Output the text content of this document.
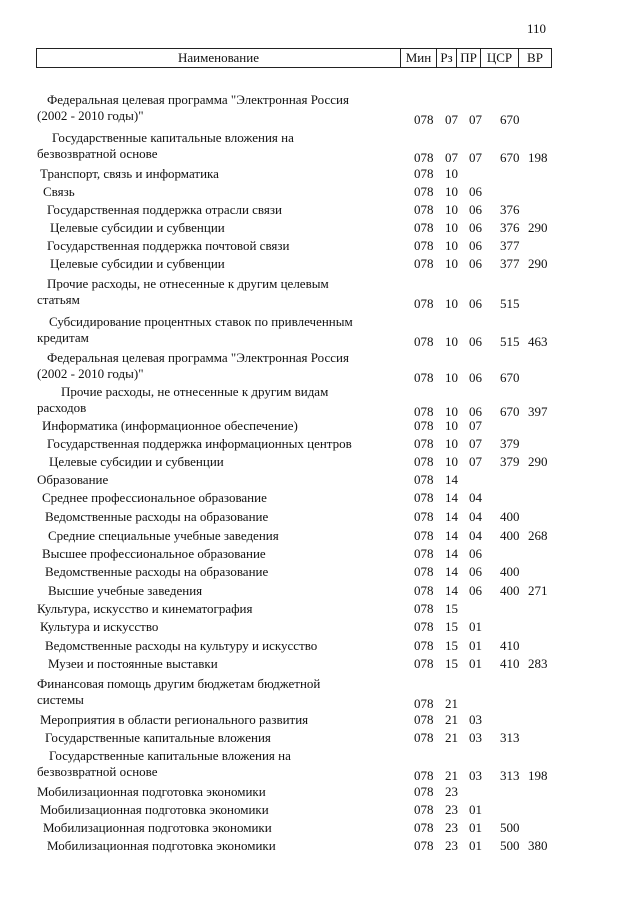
110
Наименование	Мин Рз ПР ЦСР	ВР
Федеральная целевая программа "Электронная Россия
(2002 - 2010 годы)"	078 07 07 670
Государственные капитальные вложения на
безвозвратной основе	078 07 07 670 198
Транспорт, связь и информатика	078 10
Связь	078 10 06
Государственная поддержка отрасли связи	078 10 06 376
Целевые субсидии и субвенции	078 10 06 376 290
Государственная поддержка почтовой связи	078 10 06 377
Целевые субсидии и субвенции	078 10 06 377 290
Прочие расходы, не отнесенные к другим целевым
статьям	078 10 06 515
Субсидирование процентных ставок по привлеченным
кредитам	078 10 06 515 463
Федеральная целевая программа "Электронная Россия
(2002 - 2010 годы)"	078 10 06 670
Прочие расходы, не отнесенные к другим видам
расходов	078 10 06 670 397
Информатика (информационное обеспечение)	078 10 07
Государственная поддержка информационных центров	078 10 07 379
Целевые субсидии и субвенции	078 10 07 379 290
Образование	078 14
Среднее профессиональное образование	078 14 04
Ведомственные расходы на образование	078 14 04 400
Средние специальные учебные заведения	078 14 04 400 268
Высшее профессиональное образование	078 14 06
Ведомственные расходы на образование	078 14 06 400
Высшие учебные заведения	078 14 06 400 271
Культура, искусство и кинематография	078 15
Культура и искусство	078 15 01
Ведомственные расходы на культуру и искусство	078 15 01 410
Музеи и постоянные выставки	078 15 01 410 283
Финансовая помощь другим бюджетам бюджетной
системы	078 21
Мероприятия в области регионального развития	078 21 03
Государственные капитальные вложения	078 21 03 313
Государственные капитальные вложения на
безвозвратной основе	078 21 03 313 198
Мобилизационная подготовка экономики	078 23
Мобилизационная подготовка экономики	078 23 01
Мобилизационная подготовка экономики	078 23 01 500
Мобилизационная подготовка экономики	078 23 01 500 380
